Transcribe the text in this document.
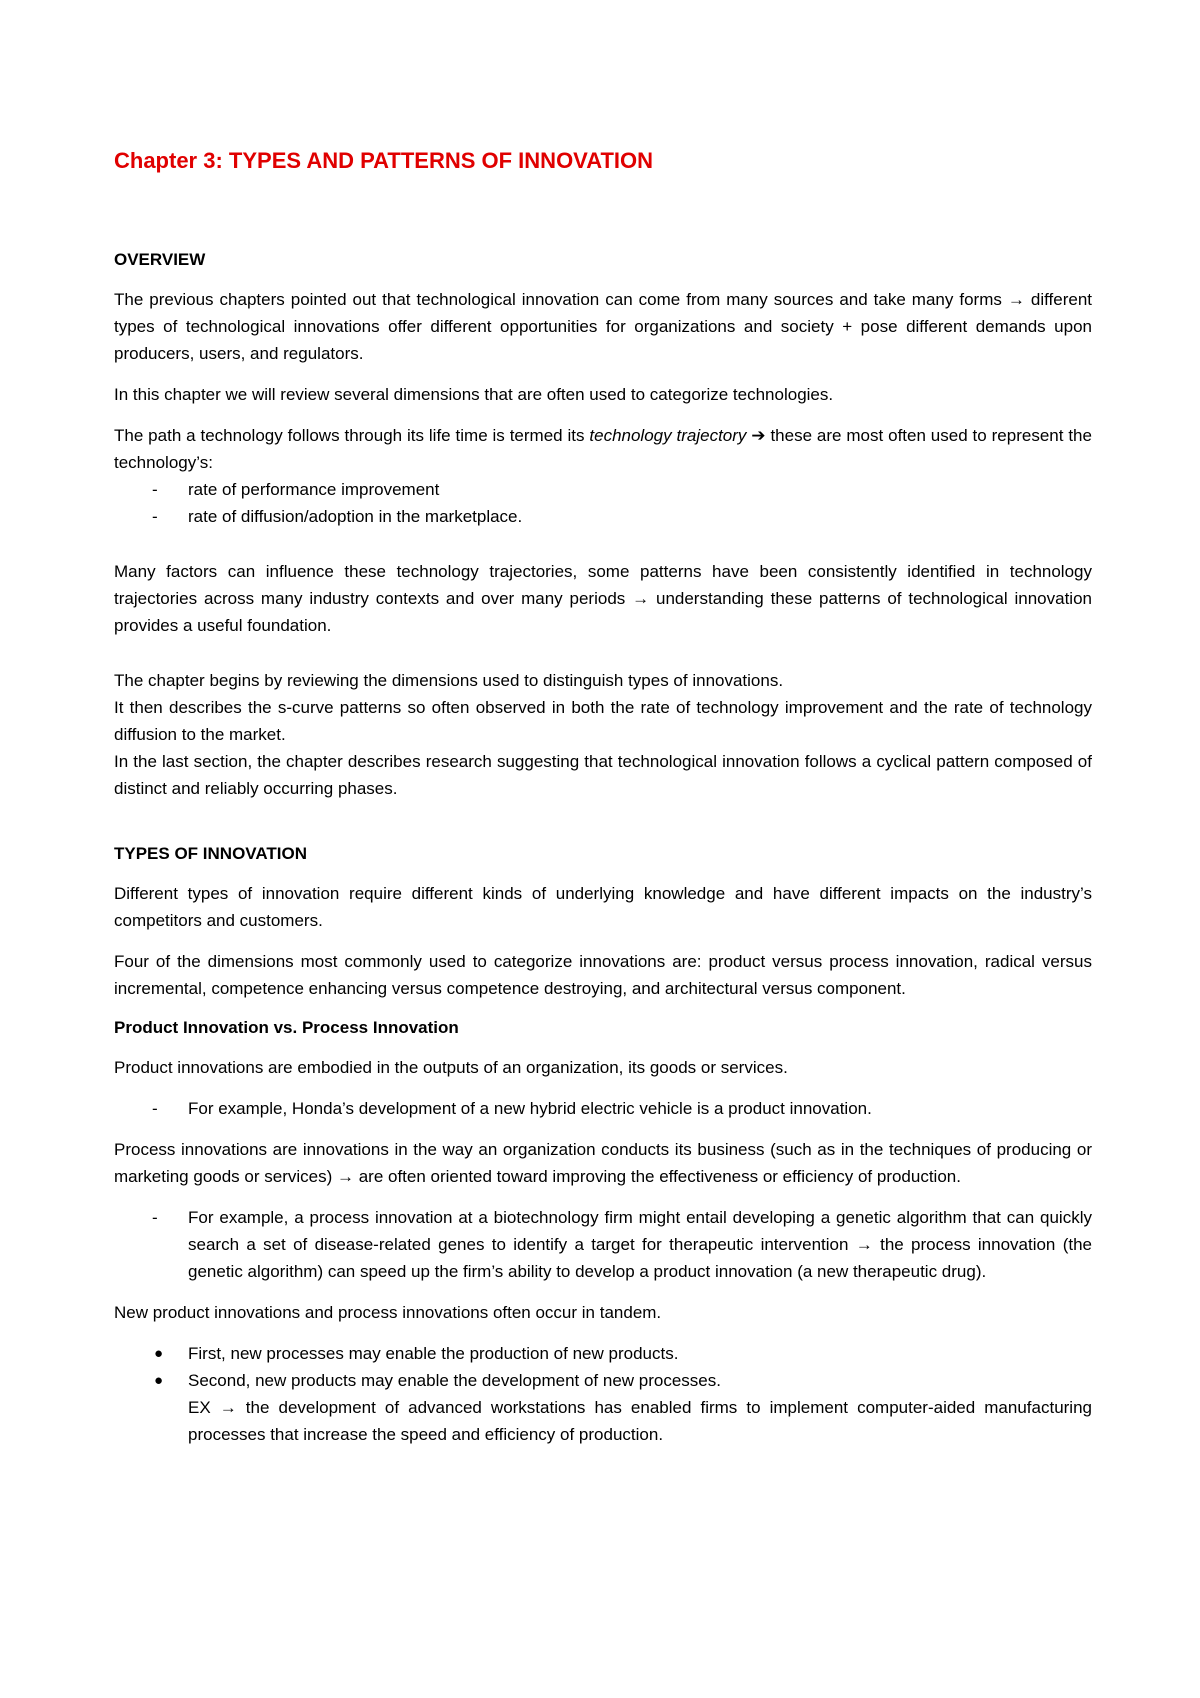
Chapter 3: TYPES AND PATTERNS OF INNOVATION
OVERVIEW

The previous chapters pointed out that technological innovation can come from many sources and take many forms → different types of technological innovations offer different opportunities for organizations and society + pose different demands upon producers, users, and regulators.

In this chapter we will review several dimensions that are often used to categorize technologies.

The path a technology follows through its life time is termed its technology trajectory ➔ these are most often used to represent the technology’s:

- rate of performance improvement
- rate of diffusion/adoption in the marketplace.

Many factors can influence these technology trajectories, some patterns have been consistently identified in technology trajectories across many industry contexts and over many periods → understanding these patterns of technological innovation provides a useful foundation.

The chapter begins by reviewing the dimensions used to distinguish types of innovations.

It then describes the s-curve patterns so often observed in both the rate of technology improvement and the rate of technology diffusion to the market.

In the last section, the chapter describes research suggesting that technological innovation follows a cyclical pattern composed of distinct and reliably occurring phases.

TYPES OF INNOVATION

Different types of innovation require different kinds of underlying knowledge and have different impacts on the industry’s competitors and customers.

Four of the dimensions most commonly used to categorize innovations are: product versus process innovation, radical versus incremental, competence enhancing versus competence destroying, and architectural versus component.

Product Innovation vs. Process Innovation

Product innovations are embodied in the outputs of an organization, its goods or services.

- For example, Honda’s development of a new hybrid electric vehicle is a product innovation.

Process innovations are innovations in the way an organization conducts its business (such as in the techniques of producing or marketing goods or services) → are often oriented toward improving the effectiveness or efficiency of production.

- For example, a process innovation at a biotechnology firm might entail developing a genetic algorithm that can quickly search a set of disease-related genes to identify a target for therapeutic intervention → the process innovation (the genetic algorithm) can speed up the firm’s ability to develop a product innovation (a new therapeutic drug).

New product innovations and process innovations often occur in tandem.

● First, new processes may enable the production of new products.
● Second, new products may enable the development of new processes.
EX → the development of advanced workstations has enabled firms to implement computer-aided manufacturing processes that increase the speed and efficiency of production.
